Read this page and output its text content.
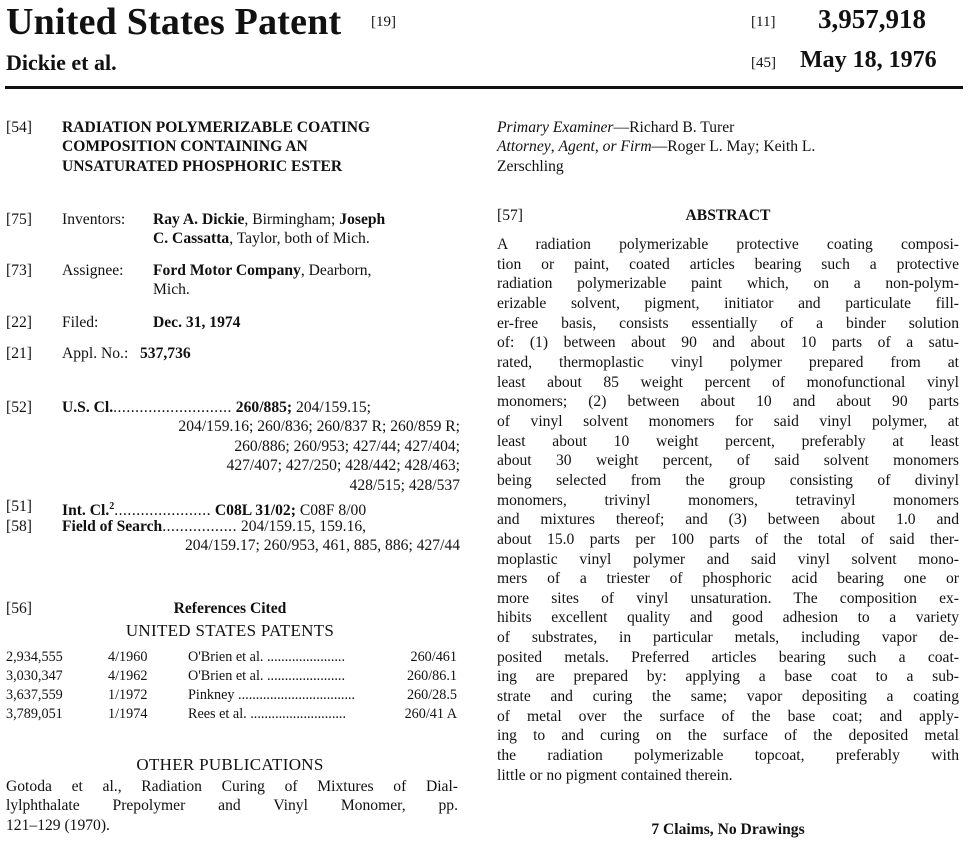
United States Patent [19]
Dickie et al.
[11] 3,957,918
[45] May 18, 1976
[54] RADIATION POLYMERIZABLE COATING
COMPOSITION CONTAINING AN
UNSATURATED PHOSPHORIC ESTER
[75] Inventors: Ray A. Dickie, Birmingham; Joseph
C. Cassatta, Taylor, both of Mich.
[73] Assignee: Ford Motor Company, Dearborn,
Mich.
[22] Filed:	Dec. 31, 1974
[21] Appl. No.: 537,736
[52] U.S. Cl............................ 260/885; 204/159.15;
204/159.16; 260/836; 260/837 R; 260/859 R;
260/886; 260/953; 427/44; 427/404;
427/407; 427/250; 428/442; 428/463;
428/515; 428/537
[51] Int. Cl.$^2$...................... C08L 31/02; C08F 8/00
[58] Field of Search................. 204/159.15, 159.16,
204/159.17; 260/953, 461, 885, 886; 427/44
[56]	References Cited
UNITED STATES PATENTS
2,934,555	4/1960	O'Brien et al. ......................	260/461
3,030,347	4/1962	O'Brien et al. ......................	260/86.1
3,637,559	1/1972	Pinkney .................................	260/28.5
3,789,051	1/1974	Rees et al. ...........................	260/41 A
OTHER PUBLICATIONS
Gotoda et al., Radiation Curing of Mixtures of Dial-
lylphthalate Prepolymer and Vinyl Monomer, pp.
121–129 (1970).
Primary Examiner—Richard B. Turer
Attorney, Agent, or Firm—Roger L. May; Keith L.
Zerschling
[57]	ABSTRACT
A radiation polymerizable protective coating composi-
tion or paint, coated articles bearing such a protective
radiation polymerizable paint which, on a non-polym-
erizable solvent, pigment, initiator and particulate fill-
er-free basis, consists essentially of a binder solution
of: (1) between about 90 and about 10 parts of a satu-
rated, thermoplastic vinyl polymer prepared from at
least about 85 weight percent of monofunctional vinyl
monomers; (2) between about 10 and about 90 parts
of vinyl solvent monomers for said vinyl polymer, at
least about 10 weight percent, preferably at least
about 30 weight percent, of said solvent monomers
being selected from the group consisting of divinyl
monomers, trivinyl monomers, tetravinyl monomers
and mixtures thereof; and (3) between about 1.0 and
about 15.0 parts per 100 parts of the total of said ther-
moplastic vinyl polymer and said vinyl solvent mono-
mers of a triester of phosphoric acid bearing one or
more sites of vinyl unsaturation. The composition ex-
hibits excellent quality and good adhesion to a variety
of substrates, in particular metals, including vapor de-
posited metals. Preferred articles bearing such a coat-
ing are prepared by: applying a base coat to a sub-
strate and curing the same; vapor depositing a coating
of metal over the surface of the base coat; and apply-
ing to and curing on the surface of the deposited metal
the radiation polymerizable topcoat, preferably with
little or no pigment contained therein.
7 Claims, No Drawings
